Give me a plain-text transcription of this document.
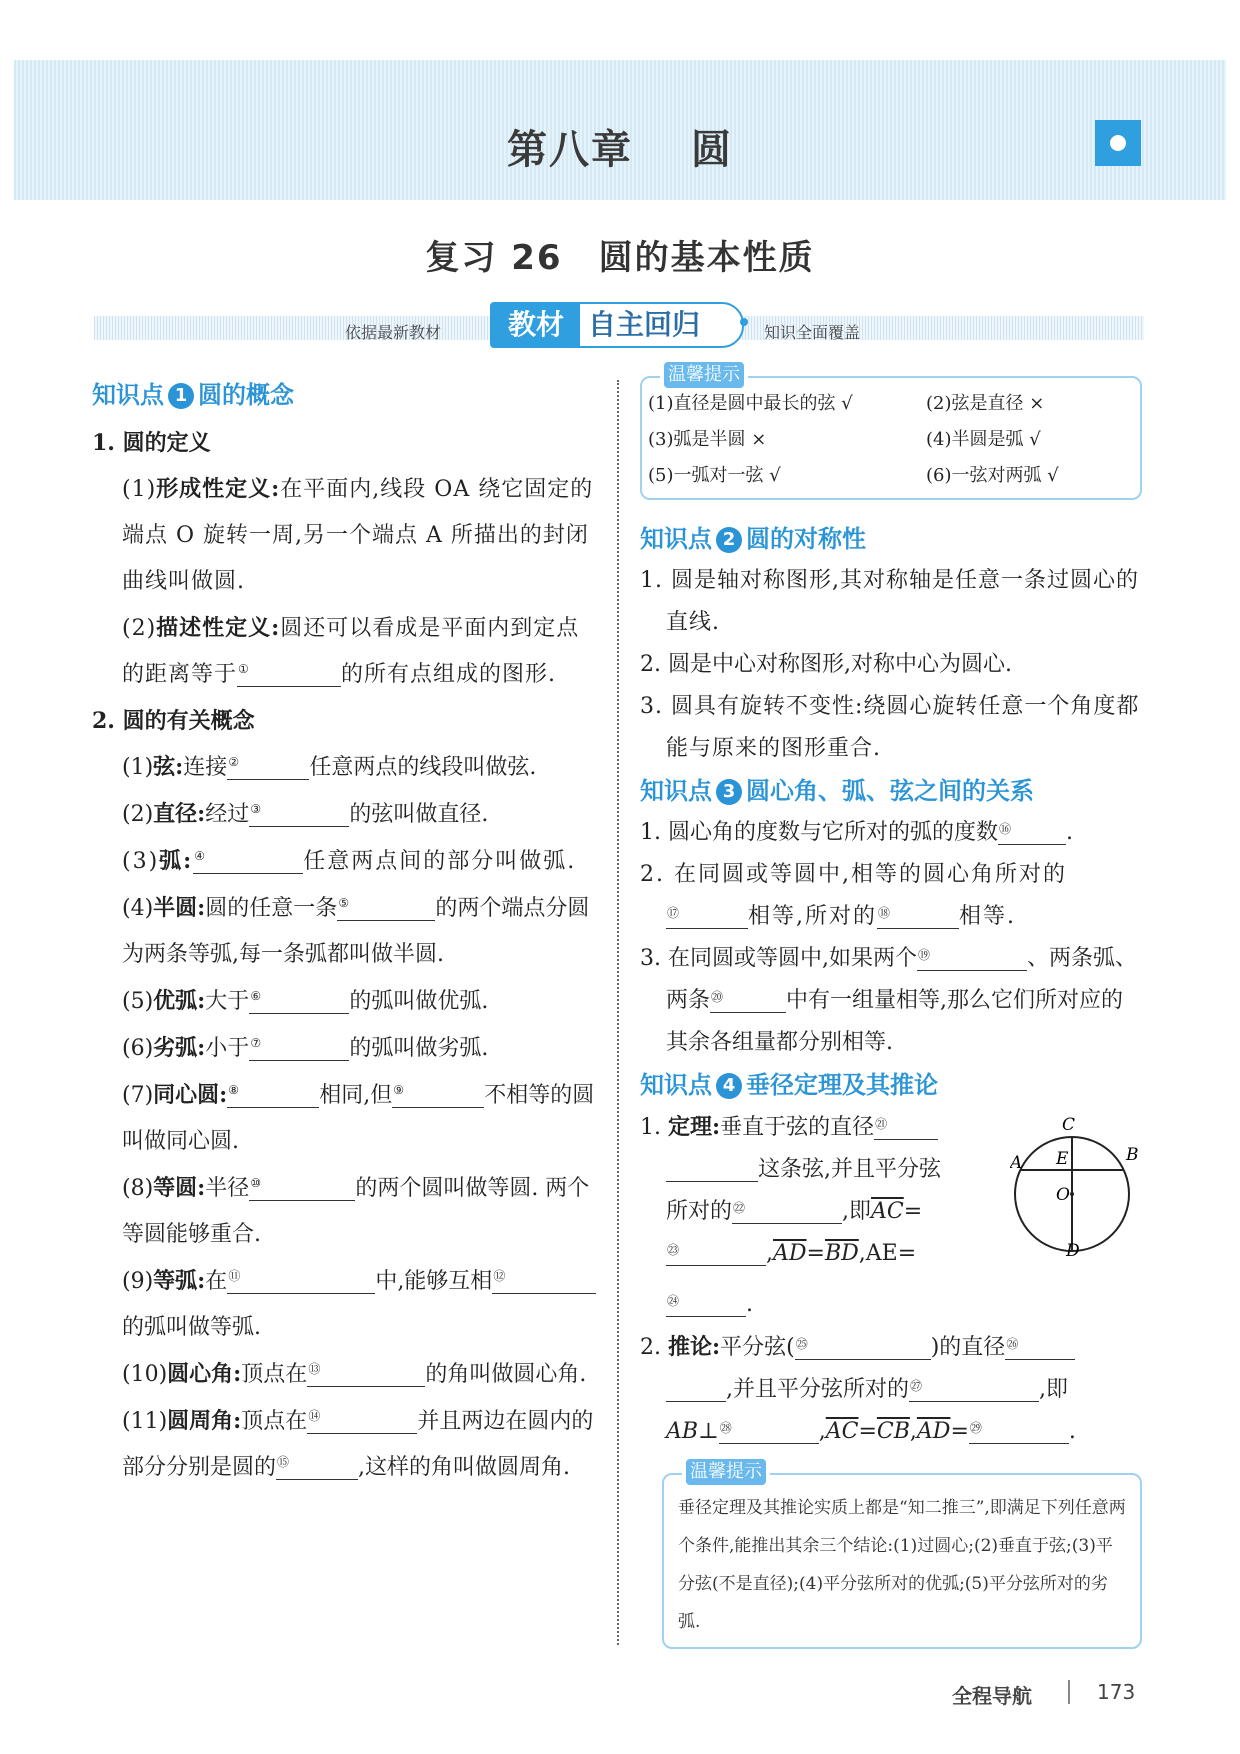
第八章　 圆
复习 26　圆的基本性质
依据最新教材	教材 自主回归	知识全面覆盖
知识点 1 圆的概念
1. 圆的定义
(1)形成性定义:在平面内,线段 OA 绕它固定的端点 O 旋转一周,另一个端点 A 所描出的封闭曲线叫做圆.
(2)描述性定义:圆还可以看成是平面内到定点的距离等于 ①	的所有点组成的图形.
2. 圆的有关概念
(1)弦:连接 ②	任意两点的线段叫做弦.
(2)直径:经过 ③	的弦叫做直径.
(3)弧: ④	任意两点间的部分叫做弧.
(4)半圆:圆的任意一条 ⑤	的两个端点分圆为两条等弧,每一条弧都叫做半圆.
(5)优弧:大于 ⑥	的弧叫做优弧.
(6)劣弧:小于 ⑦	的弧叫做劣弧.
(7)同心圆: ⑧	相同,但 ⑨	不相等的圆叫做同心圆.
(8)等圆:半径 ⑩	的两个圆叫做等圆. 两个等圆能够重合.
(9)等弧:在 ⑪	中,能够互相 ⑫
的弧叫做等弧.
(10)圆心角:顶点在 ⑬	的角叫做圆心角.
(11)圆周角:顶点在 ⑭	并且两边在圆内的部分分别是圆的 ⑮	,这样的角叫做圆周角.
温馨提示
(1)直径是圆中最长的弦 √	(2)弦是直径 ×
(3)弧是半圆 ×	(4)半圆是弧 √
(5)一弧对一弦 √	(6)一弦对两弧 √
知识点 2 圆的对称性
1. 圆是轴对称图形,其对称轴是任意一条过圆心的直线.
2. 圆是中心对称图形,对称中心为圆心.
3. 圆具有旋转不变性:绕圆心旋转任意一个角度都能与原来的图形重合.
知识点 3 圆心角、弧、弦之间的关系
1. 圆心角的度数与它所对的弧的度数 ⑯ .
2. 在同圆或等圆中,相等的圆心角所对的
⑰	相等,所对的 ⑱	相等.
3. 在同圆或等圆中,如果两个 ⑲	、两条弧、两条 ⑳	中有一组量相等,那么它们所对应的其余各组量都分别相等.
知识点 4 垂径定理及其推论
1. 定理:垂直于弦的直径 ㉑
这条弦,并且平分弦
所对的 ㉒	,即$\overline{AC}=$
㉓	$,\overline{AD}=\overline{BD},AE=$
C
E	B
A
O
D
㉔	.
2. 推论:平分弦( ㉕	)的直径 ㉖
,并且平分弦所对的 ㉗	,即
AB⊥ ㉘	$,\overline{AC}=\overline{CB},\overline{AD}=$ ㉙	.
温馨提示
垂径定理及其推论实质上都是“知二推三”,即满足下列任意两个条件,能推出其余三个结论:(1)过圆心;(2)垂直于弦;(3)平分弦(不是直径);(4)平分弦所对的优弧;(5)平分弦所对的劣弧.
全程导航	173
